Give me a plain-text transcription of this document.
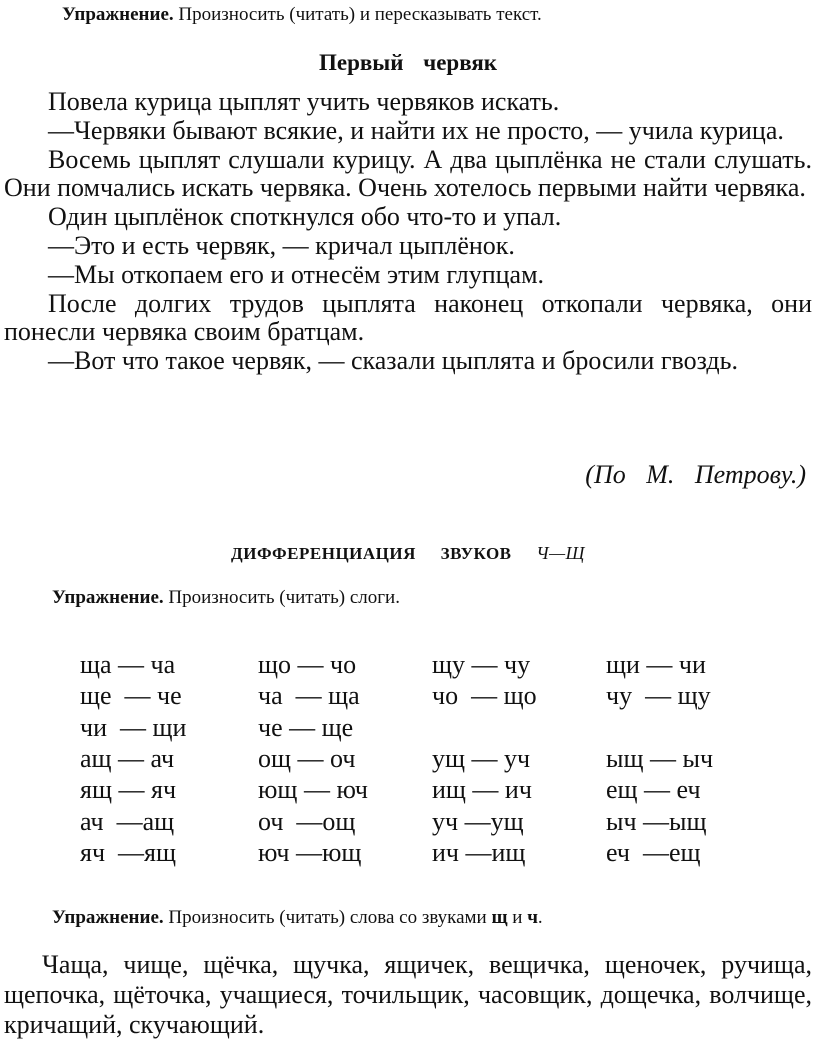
Упражнение. Произносить (читать) и пересказывать текст.
Первый червяк

Повела курица цыплят учить червяков искать.

—Червяки бывают всякие, и найти их не просто, — учила курица.

Восемь цыплят слушали курицу. А два цыплёнка не стали слушать. Они помчались искать червяка. Очень хотелось первыми найти червяка.

Один цыплёнок споткнулся обо что-то и упал.

—Это и есть червяк, — кричал цыплёнок.

—Мы откопаем его и отнесём этим глупцам.

После долгих трудов цыплята наконец откопали червяка, они понесли червяка своим братцам.

—Вот что такое червяк, — сказали цыплята и бросили гвоздь.

(По М. Петрову.)
ДИФФЕРЕНЦИАЦИЯ ЗВУКОВ Ч—Щ
Упражнение. Произносить (читать) слоги.
ща — ча	що — чо	щу — чу	щи — чи
ще  — че	ча  — ща	чо  — що	чу  — щу
чи  — щи	че — ще
ащ — ач	ощ — оч	ущ — уч	ыщ — ыч
ящ — яч	ющ — юч ищ — ич	ещ — еч
ач  —ащ	оч  —ощ	уч —ущ	ыч —ыщ
яч  —ящ	юч —ющ	ич —ищ	еч  —ещ
Упражнение. Произносить (читать) слова со звуками щ и ч.

Чаща, чище, щёчка, щучка, ящичек, вещичка, щеночек, ручища, щепочка, щёточка, учащиеся, точильщик, часовщик, дощечка, волчище, кричащий, скучающий.
